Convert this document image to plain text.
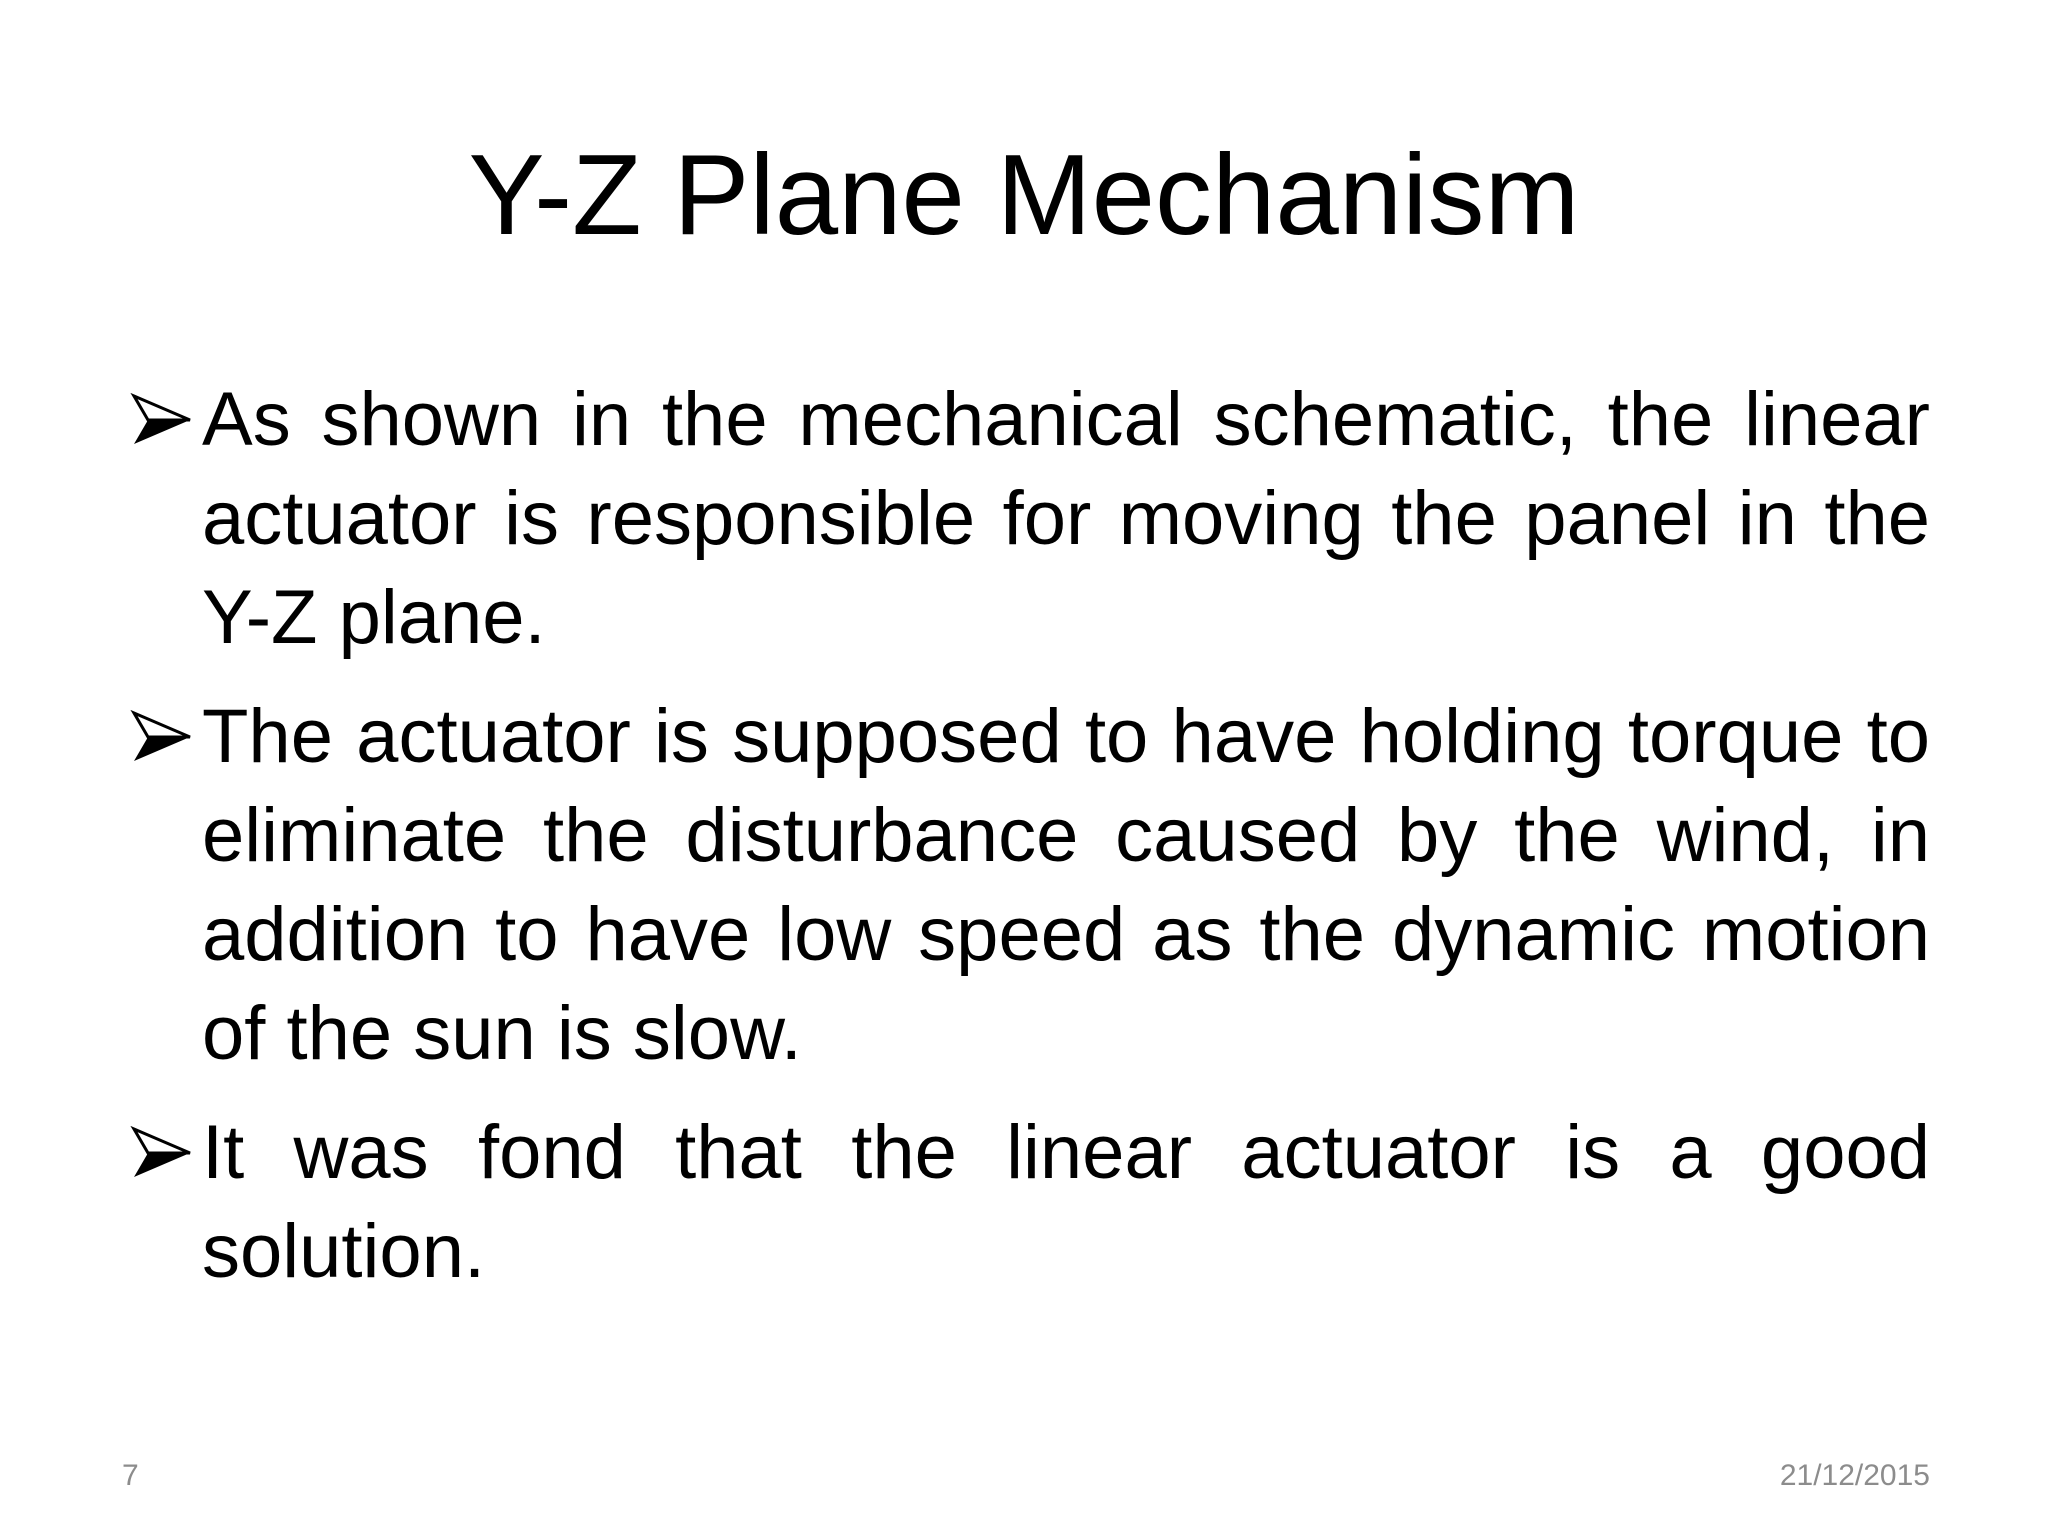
Y-Z Plane Mechanism
As shown in the mechanical schematic, the linear actuator is responsible for moving the panel in the Y-Z plane.
The actuator is supposed to have holding torque to eliminate the disturbance caused by the wind, in addition to have low speed as the dynamic motion of the sun is slow.
It was fond that the linear actuator is a good solution.
7	21/12/2015
